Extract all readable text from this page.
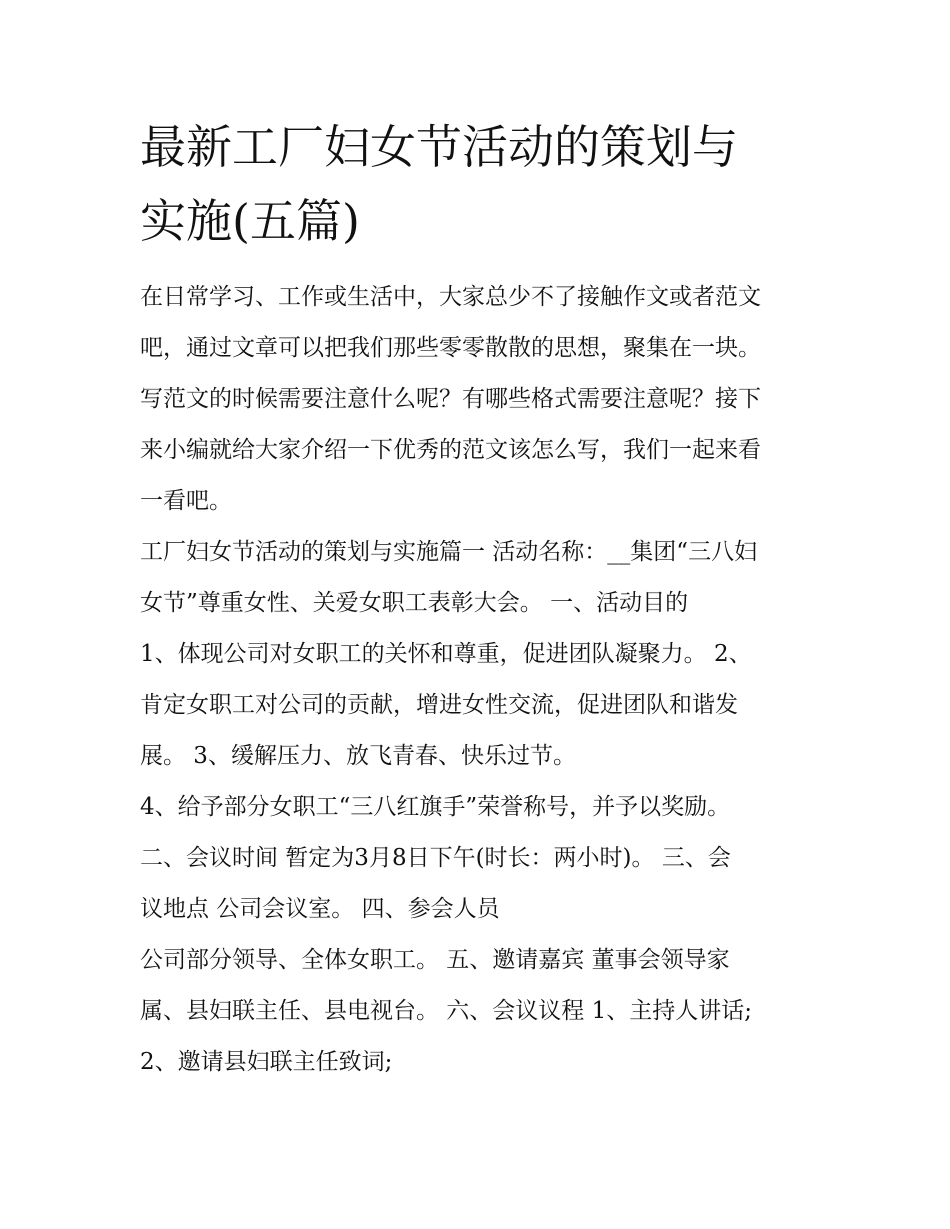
最新工厂妇女节活动的策划与
实施(五篇)
在日常学习、工作或生活中，大家总少不了接触作文或者范文
吧，通过文章可以把我们那些零零散散的思想，聚集在一块。
写范文的时候需要注意什么呢？有哪些格式需要注意呢？接下
来小编就给大家介绍一下优秀的范文该怎么写，我们一起来看
一看吧。
工厂妇女节活动的策划与实施篇一 活动名称：__集团“三八妇
女节”尊重女性、关爱女职工表彰大会。 一、活动目的
1、体现公司对女职工的关怀和尊重，促进团队凝聚力。 2、
肯定女职工对公司的贡献，增进女性交流，促进团队和谐发
展。 3、缓解压力、放飞青春、快乐过节。
4、给予部分女职工“三八红旗手”荣誉称号，并予以奖励。
二、会议时间 暂定为3月8日下午(时长：两小时)。 三、会
议地点 公司会议室。 四、参会人员
公司部分领导、全体女职工。 五、邀请嘉宾 董事会领导家
属、县妇联主任、县电视台。 六、会议议程 1、主持人讲话;
2、邀请县妇联主任致词;
